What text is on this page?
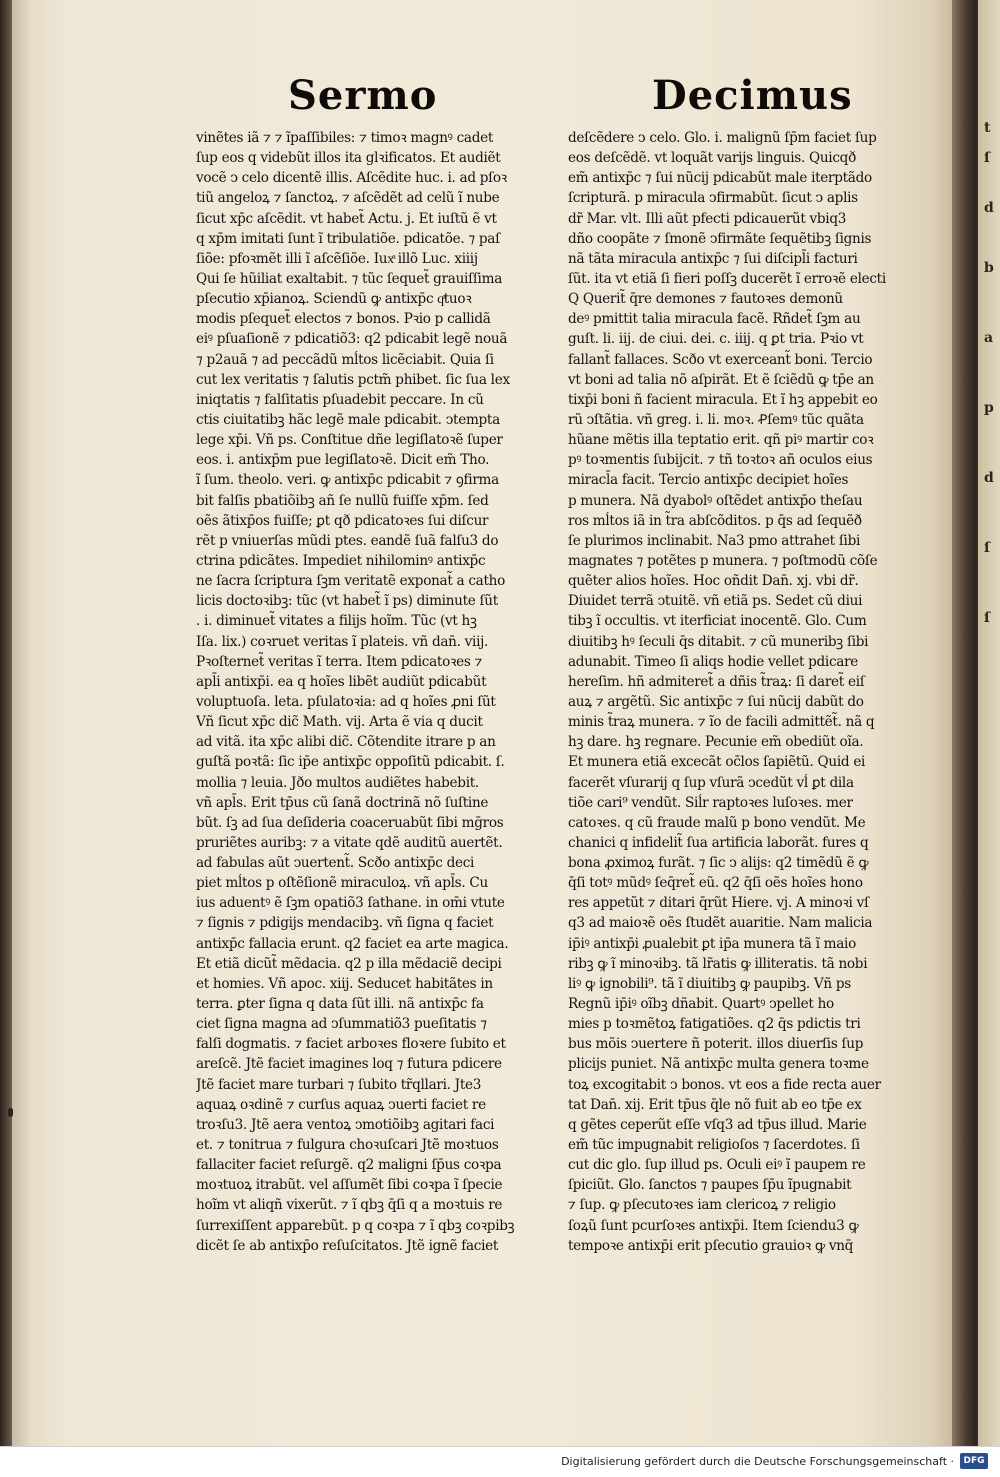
Sermo	Decimus
vinẽtes iã ⁊ ⁊ ĩpaſſibiles: ⁊ timoꝛ magnꝰ cadet
ſup eos q videbũt illos ita glꝛificatos. Et audiẽt
vocẽ ↄ celo dicentẽ illis. Aſcẽdite huc. i. ad pſoꝛ
tiũ angeloꝝ ⁊ ſanctoꝝ. ⁊ aſcẽdẽt ad celũ ĩ nube
ſicut xp̄c aſcẽdit. vt habet̃ Actu. j. Et iuſtũ ẽ vt
q xp̄m imitati ſunt ĩ tribulatiõe. pdicatõe. ⁊ paſ
ſiõe: pfoꝛmẽt illi ĩ aſcẽſiõe. Iuxͣ illõ Luc. xiiij
Qui ſe hũiliat exaltabit. ⁊ tũc ſequet̃ grauiſſima
pſecutio xp̄ianoꝝ. Sciendũ ꝙ antixp̄c qͣtuoꝛ
modis pſequet̃ electos ⁊ bonos. Pꝛio p callidã
eiꝰ pſuaſionẽ ⁊ pdicatiõ3: q2 pdicabit legẽ nouã
⁊ p2auã ⁊ ad peccãdũ mĺtos licẽciabit. Quia ſi
cut lex veritatis ⁊ ſalutis pctm̃ phibet. ſic ſua lex
iniqtatis ⁊ falſitatis pſuadebit peccare. In cũ
ctis ciuitatibꝫ hãc legẽ male pdicabit. ↄtempta
lege xp̄i. Vñ ps. Conſtitue dñe legiſlatoꝛẽ ſuper
eos. i. antixp̄m pue legiſlatoꝛẽ. Dicit em̃ Tho.
ĩ ſum. theolo. veri. ꝙ antixp̄c pdicabit ⁊ ꝯfirma
bit falſis pbatiõibꝫ añ ſe nullũ fuiſſe xp̄m. ſed
oẽs ãtixp̄os fuiſſe; ꝑt qð pdicatoꝛes ſui diſcur
rẽt p vniuerſas mũdi ptes. eandẽ ſuã falſu3 do
ctrina pdicãtes. Impediet nihilominꝰ antixp̄c
ne ſacra ſcriptura ſꝫm veritatẽ exponat̃ a catho
licis doctoꝛibꝫ: tũc (vt habet̃ ĩ ps) diminute ſũt
. i. diminuet̃ vitates a filijs hoĩm. Tũc (vt hꝫ
Iſa. lix.) coꝛruet veritas ĩ plateis. vñ dan̄. viij.
Pꝛoſternet̃ veritas ĩ terra. Item pdicatoꝛes ⁊
apl̄i antixp̄i. ea q hoĩes libẽt audiũt pdicabũt
voluptuoſa. leta. pſulatoꝛia: ad q hoĩes ꝓni ſũt
Vñ ſicut xp̄c dic̃ Math. vij. Arta ẽ via q ducit
ad vitã. ita xp̄c alibi dic̃. Cõtendite itrare p an
guſtã poꝛtã: ſic ip̄e antixp̄c oppoſitũ pdicabit. ſ.
mollia ⁊ leuia. Jðo multos audiẽtes habebit.
vñ apl̄s. Erit tp̄us cũ ſanã doctrinã nõ ſuſtine
bũt. ſꝫ ad ſua deſideria coaceruabũt ſibi mḡros
pruriẽtes auribꝫ: ⁊ a vitate qdẽ auditũ auertẽt.
ad fabulas aũt ↄuertent̃. Scðo antixp̄c deci
piet mĺtos p oſtẽſionẽ miraculoꝝ. vñ apl̄s. Cu
ius aduentꝰ ẽ ſꝫm opatiõ3 ſathane. in om̄i vtute
⁊ ſignis ⁊ pdigijs mendacibꝫ. vñ ſigna q faciet
antixp̄c fallacia erunt. q2 faciet ea arte magica.
Et etiã dicũt̃ mẽdacia. q2 p illa mẽdaciẽ decipi
et homies. Vñ apoc. xiij. Seducet habitãtes in
terra. ꝑter ſigna q data ſũt illi. nã antixp̄c fa
ciet ſigna magna ad ↄſummatiõ3 pueſitatis ⁊
falſi dogmatis. ⁊ faciet arboꝛes floꝛere ſubito et
areſcẽ. Jtẽ faciet imagines loq ⁊ futura pdicere
Jtẽ faciet mare turbari ⁊ ſubito tr̃qllari. Jte3
aquaꝝ oꝛdinẽ ⁊ curſus aquaꝝ ↄuerti faciet re
troꝛſu3. Jtẽ aera ventoꝝ ↄmotiõibꝫ agitari faci
et. ⁊ tonitrua ⁊ fulgura choꝛuſcari Jtẽ moꝛtuos
fallaciter faciet reſurgẽ. q2 maligni ſp̄us coꝛpa
moꝛtuoꝝ itrabũt. vel aſſumẽt ſibi coꝛpa ĩ ſpecie
hoĩm vt aliqñ vixerũt. ⁊ ĩ qbꝫ q̄ſi q a moꝛtuis re
ſurrexiſſent apparebũt. p q coꝛpa ⁊ ĩ qbꝫ coꝛpibꝫ
dicẽt ſe ab antixp̄o reſuſcitatos. Jtẽ ignẽ faciet
deſcẽdere ↄ celo. Glo. i. malignũ ſp̄m faciet ſup
eos deſcẽdẽ. vt loquãt varijs linguis. Quicqð
em̃ antixp̄c ⁊ ſui nũcij pdicabũt male iterptãdo
ſcripturã. p miracula ↄfirmabũt. ſicut ↄ aplis
dr̃ Mar. vlt. Illi aũt pfecti pdicauerũt vbiq3
dño coopãte ⁊ ſmonẽ ↄfirmãte ſequẽtibꝫ ſignis
nã tãta miracula antixp̄c ⁊ ſui diſcipl̄i facturi
ſũt. ita vt etiã ſi fieri poſſꝫ ducerẽt ĩ erroꝛẽ electi
Q Querit̃ q̄re demones ⁊ fautoꝛes demonũ
deꝰ pmittit talia miracula facẽ. Rñdet̃ ſꝫm au
guſt. li. iij. de ciui. dei. c. iiij. q ꝑt tria. Pꝛio vt
fallant̃ fallaces. Scðo vt exerceant̃ boni. Tercio
vt boni ad talia nõ aſpirãt. Et ẽ ſciẽdũ ꝙ tp̄e an
tixp̄i boni ñ facient miracula. Et ĩ hꝫ appebit eo
rũ ↄſtãtia. vñ greg. i. li. moꝛ. Ꝓſemꝰ tũc quãta
hũane mẽtis illa teptatio erit. qñ piꝰ martir coꝛ
pꝰ toꝛmentis ſubijcit. ⁊ tñ toꝛtoꝛ añ oculos eius
miracl̄a facit. Tercio antixp̄c decipiet hoĩes
p munera. Nã dyabolꝰ oſtẽdet antixp̄o theſau
ros mĺtos iã in t̃ra abſcõditos. p q̄s ad ſequẽð
ſe plurimos inclinabit. Na3 pmo attrahet ſibi
magnates ⁊ potẽtes p munera. ⁊ poſtmodũ cõſe
quẽter alios hoĩes. Hoc oñdit Dan̄. xj. vbi dr̃.
Diuidet terrã ↄtuitẽ. vñ etiã ps. Sedet cũ diui
tibꝫ ĩ occultis. vt iterficiat inocentẽ. Glo. Cum
diuitibꝫ hꝰ ſeculi q̄s ditabit. ⁊ cũ muneribꝫ ſibi
adunabit. Timeo ſi aliqs hodie vellet pdicare
hereſim. hñ admiteret̃ a dñis t̃raꝝ: ſi daret̃ eiſ
auꝝ ⁊ argẽtũ. Sic antixp̄c ⁊ ſui nũcij dabũt do
minis t̃raꝝ munera. ⁊ ĩo de facili admittẽt̃. nã q
hꝫ dare. hꝫ regnare. Pecunie em̃ obediũt oĩa.
Et munera etiã excecãt oc̄los ſapiẽtũ. Quid ei
facerẽt vſurarij q ſup vſurã ↄcedũt vĺ ꝑt dila
tiõe cari⁹ vendũt. Siĺr raptoꝛes luſoꝛes. mer
catoꝛes. q cũ fraude malũ p bono vendũt. Me
chanici q infidelit̃ ſua artificia laborãt. fures q
bona ꝓximoꝝ furãt. ⁊ ſic ↄ alijs: q2 timẽdũ ẽ ꝙ
q̄ſi totꝰ mũdꝰ ſeq̄ret̃ eũ. q2 q̄ſi oẽs hoĩes hono
res appetũt ⁊ ditari q̄rũt Hiere. vj. A minoꝛi vſ
q3 ad maioꝛẽ oẽs ſtudẽt auaritie. Nam malicia
ip̄iꝰ antixp̄i ꝓualebit ꝑt ip̄a munera tã ĩ maio
ribꝫ ꝙ ĩ minoꝛibꝫ. tã lr̃atis ꝙ illiteratis. tã nobi
liꝰ ꝙ ignobili⁹. tã ĩ diuitibꝫ ꝙ paupibꝫ. Vñ ps
Regnũ ip̄iꝰ oĩbꝫ dñabit. Quartꝰ ↄpellet ho
mies p toꝛmẽtoꝝ fatigatiões. q2 q̄s pdictis tri
bus mõis ↄuertere ñ poterit. illos diuerſis ſup
plicijs puniet. Nã antixp̄c multa genera toꝛme
toꝝ excogitabit ↄ bonos. vt eos a fide recta auer
tat Dan̄. xij. Erit tp̄us q̄le nõ fuit ab eo tp̄e ex
q gẽtes ceperũt eſſe vſq3 ad tp̄us illud. Marie
em̃ tũc impugnabit religioſos ⁊ ſacerdotes. ſi
cut dic glo. ſup illud ps. Oculi eiꝰ ĩ paupem re
ſpiciũt. Glo. ſanctos ⁊ paupes ſp̄u ĩpugnabit
⁊ ſup. ꝙ pſecutoꝛes iam clericoꝝ ⁊ religio
ſoꝝũ ſunt pcurſoꝛes antixp̄i. Item ſciendu3 ꝙ
tempoꝛe antixp̄i erit pſecutio grauioꝛ ꝙ vnq̄
t
ſ
d
b
a
p
d
ſ
ſ
Digitalisierung gefördert durch die Deutsche Forschungsgemeinschaft ·	DFG
